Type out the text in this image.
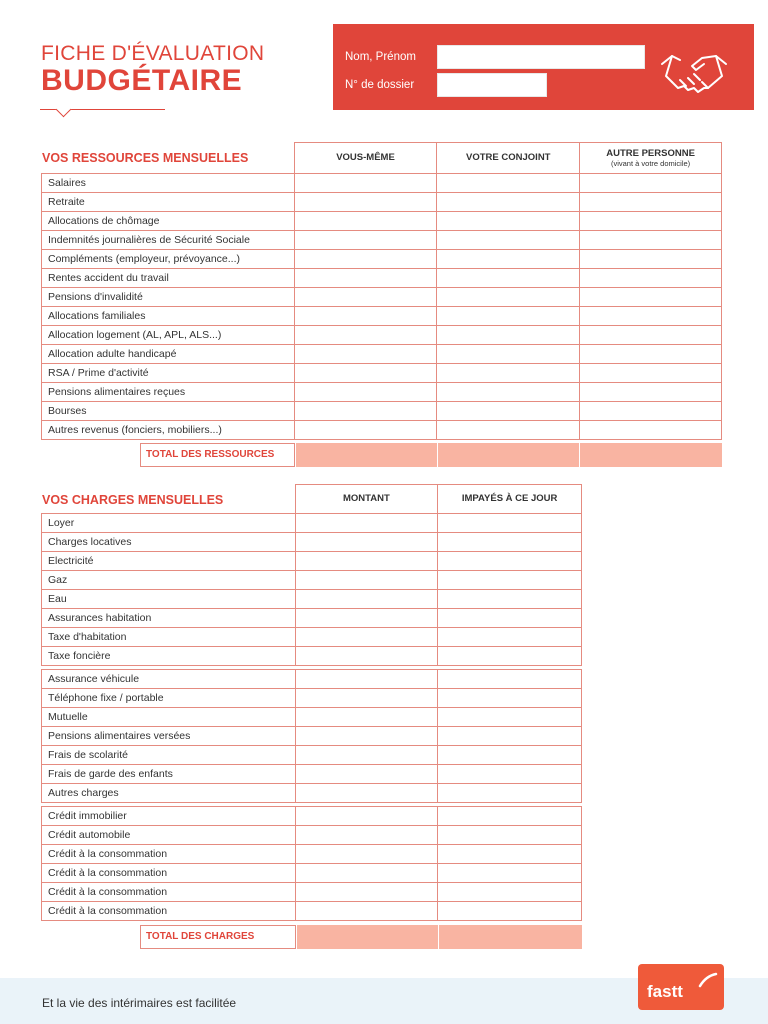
FICHE D'ÉVALUATION
BUDGÉTAIRE
Nom, Prénom
N° de dossier
VOS RESSOURCES MENSUELLES
		VOUS-MÊME	VOTRE CONJOINT	AUTRE PERSONNE
(vivant à votre domicile)

Salaires			
Retraite			
Allocations de chômage			
Indemnités journalières de Sécurité Sociale			
Compléments (employeur, prévoyance...)			
Rentes accident du travail			
Pensions d'invalidité			
Allocations familiales			
Allocation logement (AL, APL, ALS...)			
Allocation adulte handicapé			
RSA / Prime d'activité			
Pensions alimentaires reçues			
Bourses			
Autres revenus (fonciers, mobiliers...)			
TOTAL DES RESSOURCES
VOS CHARGES MENSUELLES
		MONTANT	IMPAYÉS À CE JOUR
Loyer		
Charges locatives		
Electricité		
Gaz		
Eau		
Assurances habitation		
Taxe d'habitation		
Taxe foncière		

Assurance véhicule		
Téléphone fixe / portable		
Mutuelle		
Pensions alimentaires versées		
Frais de scolarité		
Frais de garde des enfants		
Autres charges		

Crédit immobilier		
Crédit automobile		
Crédit à la consommation		
Crédit à la consommation		
Crédit à la consommation		
Crédit à la consommation		
TOTAL DES CHARGES
Et la vie des intérimaires est facilitée
fastt
